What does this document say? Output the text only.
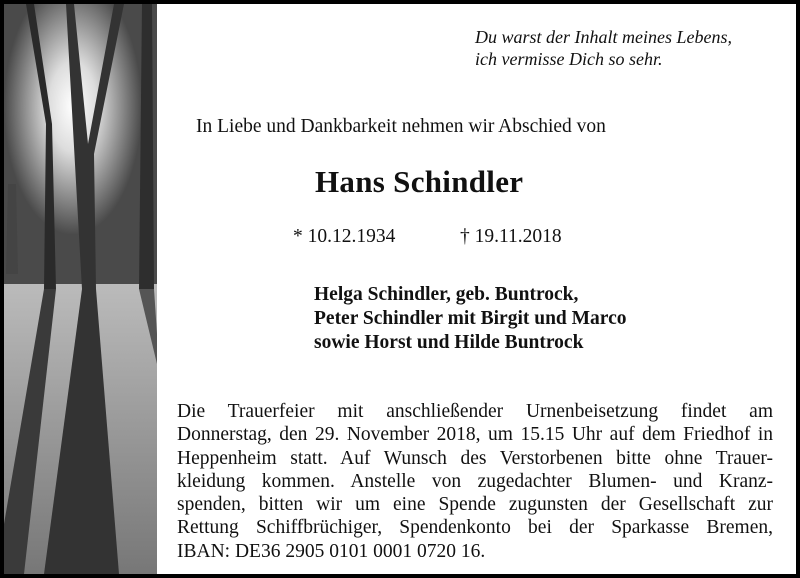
Du warst der Inhalt meines Lebens,
ich vermisse Dich so sehr.
In Liebe und Dankbarkeit nehmen wir Abschied von
Hans Schindler
* 10.12.1934	† 19.11.2018
Helga Schindler, geb. Buntrock,
Peter Schindler mit Birgit und Marco
sowie Horst und Hilde Buntrock
Die Trauerfeier mit anschließender Urnenbeisetzung findet am
Donnerstag, den 29. November 2018, um 15.15 Uhr auf dem Friedhof in
Heppenheim statt. Auf Wunsch des Verstorbenen bitte ohne Trauer-
kleidung kommen. Anstelle von zugedachter Blumen- und Kranz-
spenden, bitten wir um eine Spende zugunsten der Gesellschaft zur
Rettung Schiffbrüchiger, Spendenkonto bei der Sparkasse Bremen,
IBAN: DE36 2905 0101 0001 0720 16.
